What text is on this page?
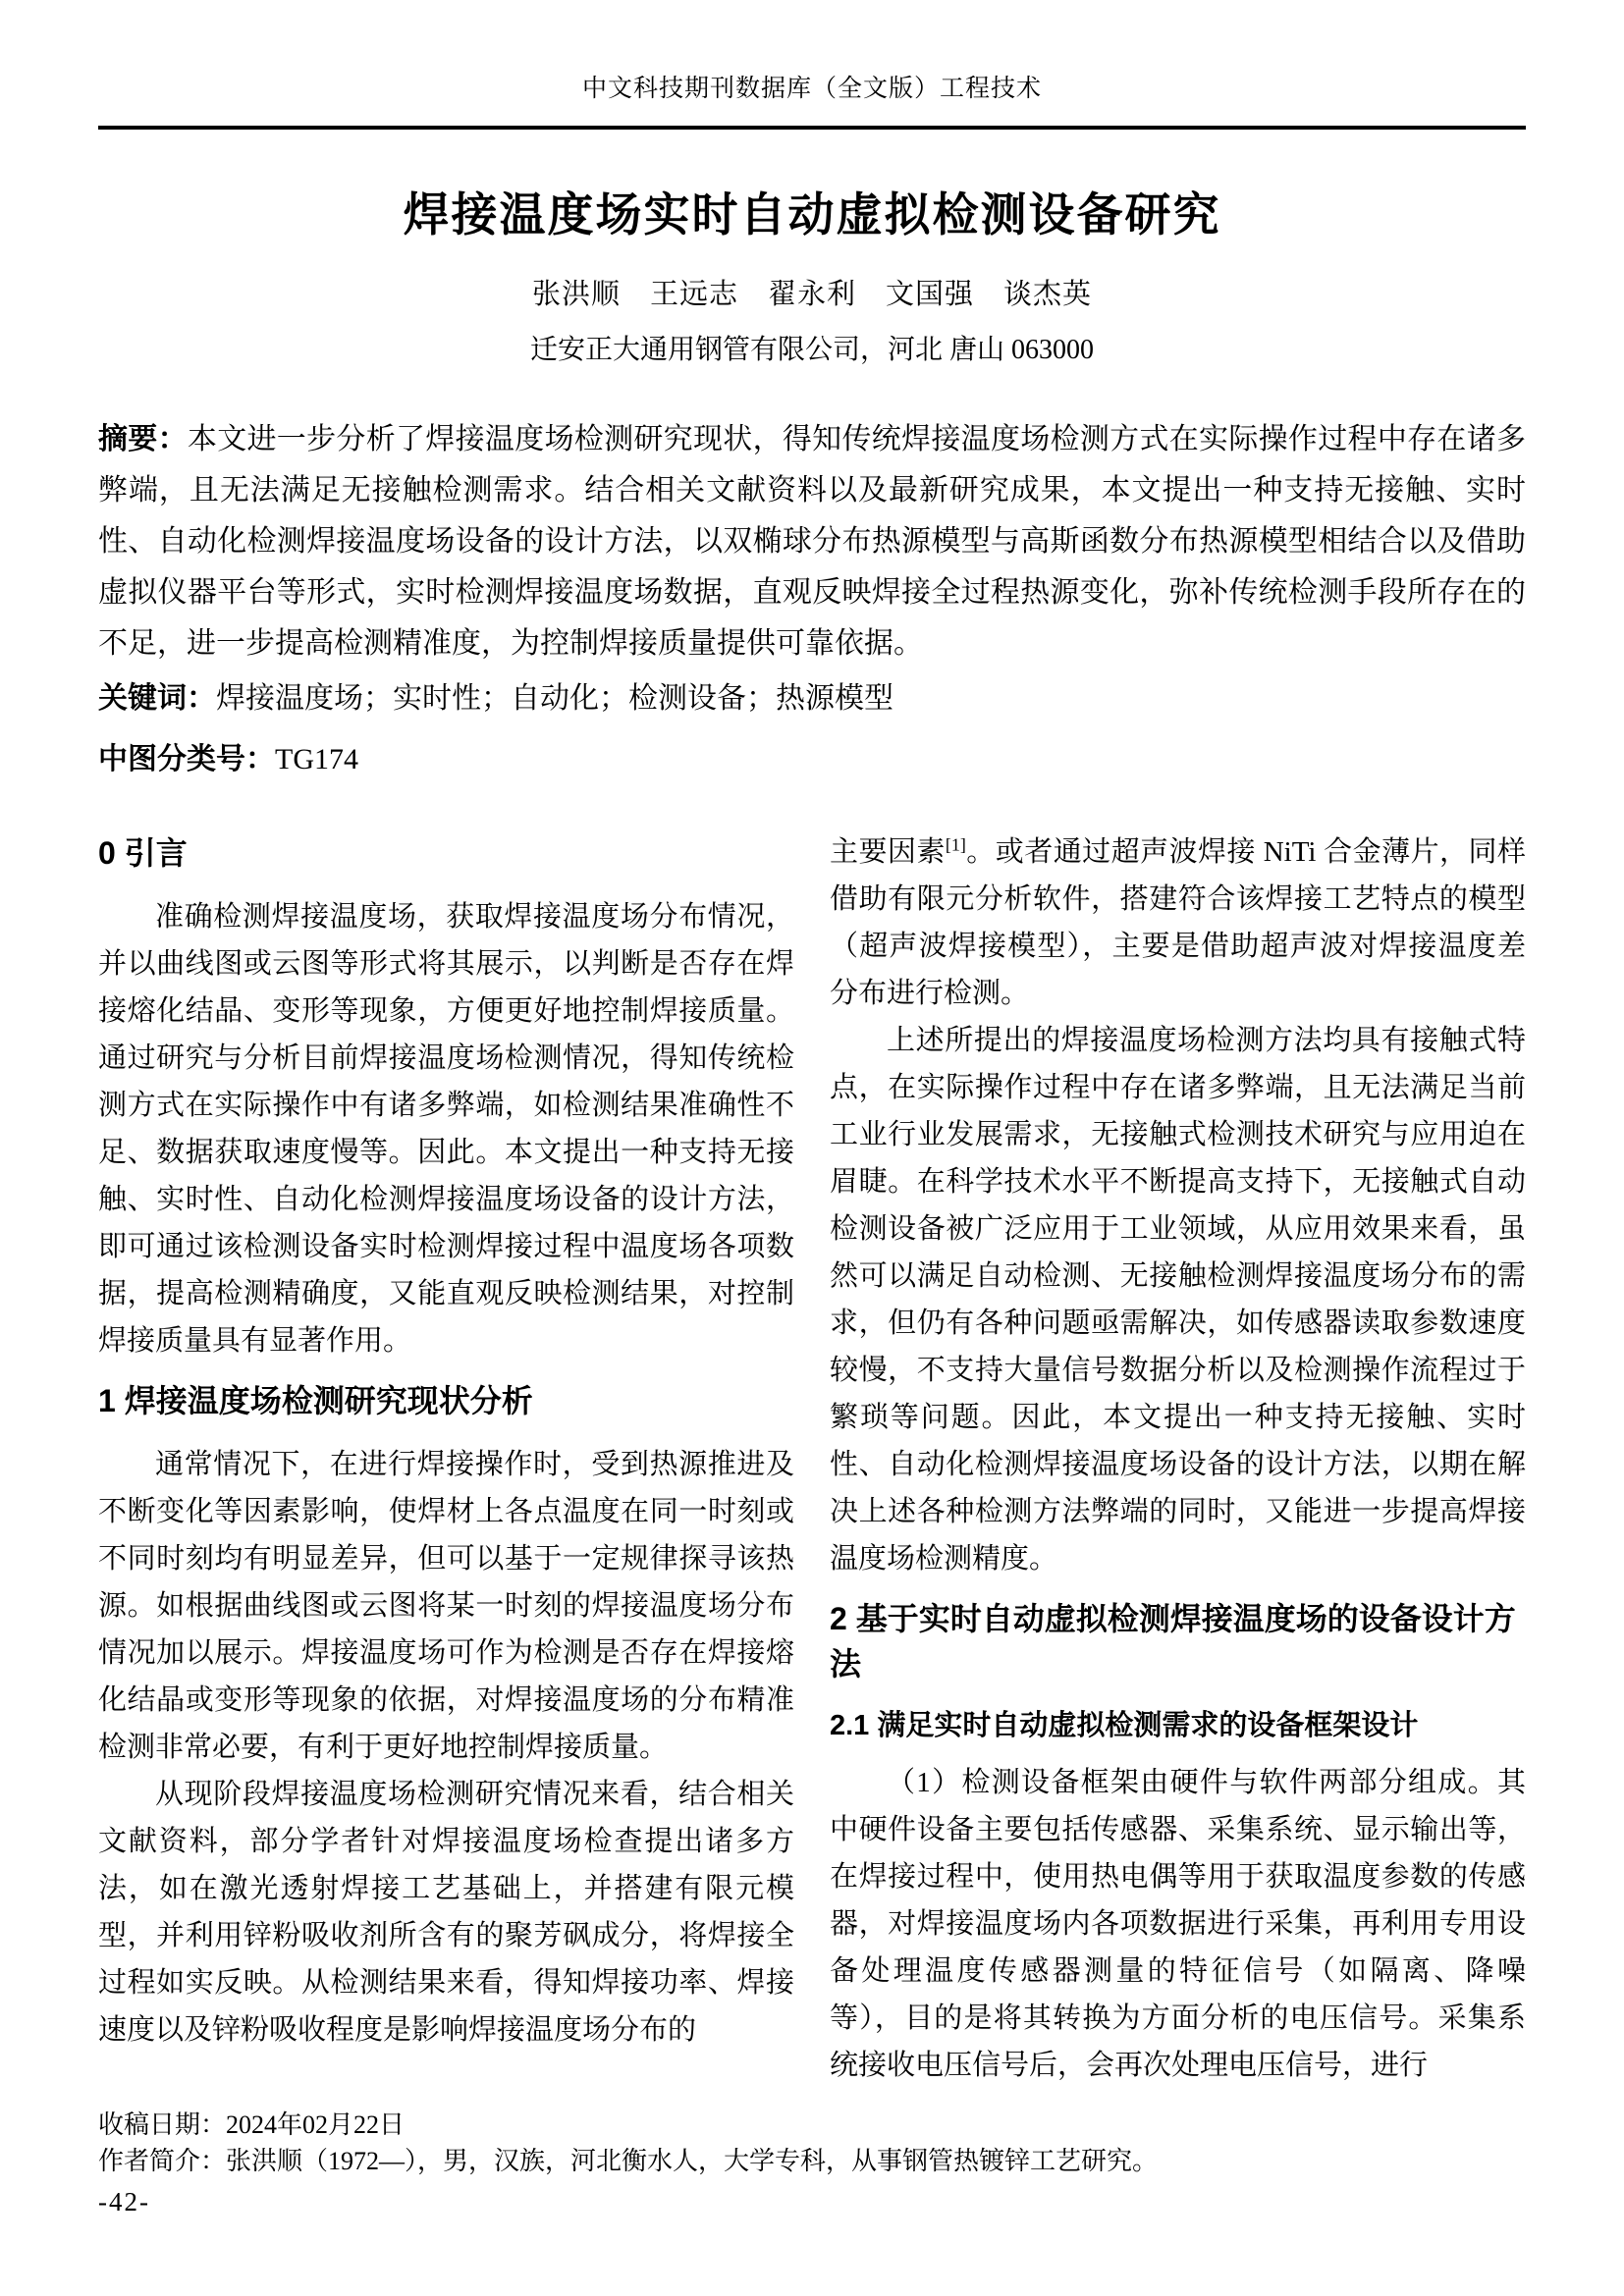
中文科技期刊数据库（全文版）工程技术
焊接温度场实时自动虚拟检测设备研究
张洪顺　王远志　翟永利　文国强　谈杰英
迁安正大通用钢管有限公司，河北 唐山 063000
摘要：本文进一步分析了焊接温度场检测研究现状，得知传统焊接温度场检测方式在实际操作过程中存在诸多弊端，且无法满足无接触检测需求。结合相关文献资料以及最新研究成果，本文提出一种支持无接触、实时性、自动化检测焊接温度场设备的设计方法，以双椭球分布热源模型与高斯函数分布热源模型相结合以及借助虚拟仪器平台等形式，实时检测焊接温度场数据，直观反映焊接全过程热源变化，弥补传统检测手段所存在的不足，进一步提高检测精准度，为控制焊接质量提供可靠依据。
关键词：焊接温度场；实时性；自动化；检测设备；热源模型
中图分类号：TG174
0 引言

准确检测焊接温度场，获取焊接温度场分布情况，并以曲线图或云图等形式将其展示，以判断是否存在焊接熔化结晶、变形等现象，方便更好地控制焊接质量。通过研究与分析目前焊接温度场检测情况，得知传统检测方式在实际操作中有诸多弊端，如检测结果准确性不足、数据获取速度慢等。因此。本文提出一种支持无接触、实时性、自动化检测焊接温度场设备的设计方法，即可通过该检测设备实时检测焊接过程中温度场各项数据，提高检测精确度，又能直观反映检测结果，对控制焊接质量具有显著作用。

1 焊接温度场检测研究现状分析

通常情况下，在进行焊接操作时，受到热源推进及不断变化等因素影响，使焊材上各点温度在同一时刻或不同时刻均有明显差异，但可以基于一定规律探寻该热源。如根据曲线图或云图将某一时刻的焊接温度场分布情况加以展示。焊接温度场可作为检测是否存在焊接熔化结晶或变形等现象的依据，对焊接温度场的分布精准检测非常必要，有利于更好地控制焊接质量。

从现阶段焊接温度场检测研究情况来看，结合相关文献资料，部分学者针对焊接温度场检查提出诸多方法，如在激光透射焊接工艺基础上，并搭建有限元模型，并利用锌粉吸收剂所含有的聚芳砜成分，将焊接全过程如实反映。从检测结果来看，得知焊接功率、焊接速度以及锌粉吸收程度是影响焊接温度场分布的

主要因素[1]。或者通过超声波焊接 NiTi 合金薄片，同样借助有限元分析软件，搭建符合该焊接工艺特点的模型（超声波焊接模型），主要是借助超声波对焊接温度差分布进行检测。

上述所提出的焊接温度场检测方法均具有接触式特点，在实际操作过程中存在诸多弊端，且无法满足当前工业行业发展需求，无接触式检测技术研究与应用迫在眉睫。在科学技术水平不断提高支持下，无接触式自动检测设备被广泛应用于工业领域，从应用效果来看，虽然可以满足自动检测、无接触检测焊接温度场分布的需求，但仍有各种问题亟需解决，如传感器读取参数速度较慢，不支持大量信号数据分析以及检测操作流程过于繁琐等问题。因此，本文提出一种支持无接触、实时性、自动化检测焊接温度场设备的设计方法，以期在解决上述各种检测方法弊端的同时，又能进一步提高焊接温度场检测精度。

2 基于实时自动虚拟检测焊接温度场的设备设计方法
2.1 满足实时自动虚拟检测需求的设备框架设计

（1）检测设备框架由硬件与软件两部分组成。其中硬件设备主要包括传感器、采集系统、显示输出等，在焊接过程中，使用热电偶等用于获取温度参数的传感器，对焊接温度场内各项数据进行采集，再利用专用设备处理温度传感器测量的特征信号（如隔离、降噪等），目的是将其转换为方面分析的电压信号。采集系统接收电压信号后，会再次处理电压信号，进行

收稿日期：2024年02月22日
作者简介：张洪顺（1972—），男，汉族，河北衡水人，大学专科，从事钢管热镀锌工艺研究。
-42-
